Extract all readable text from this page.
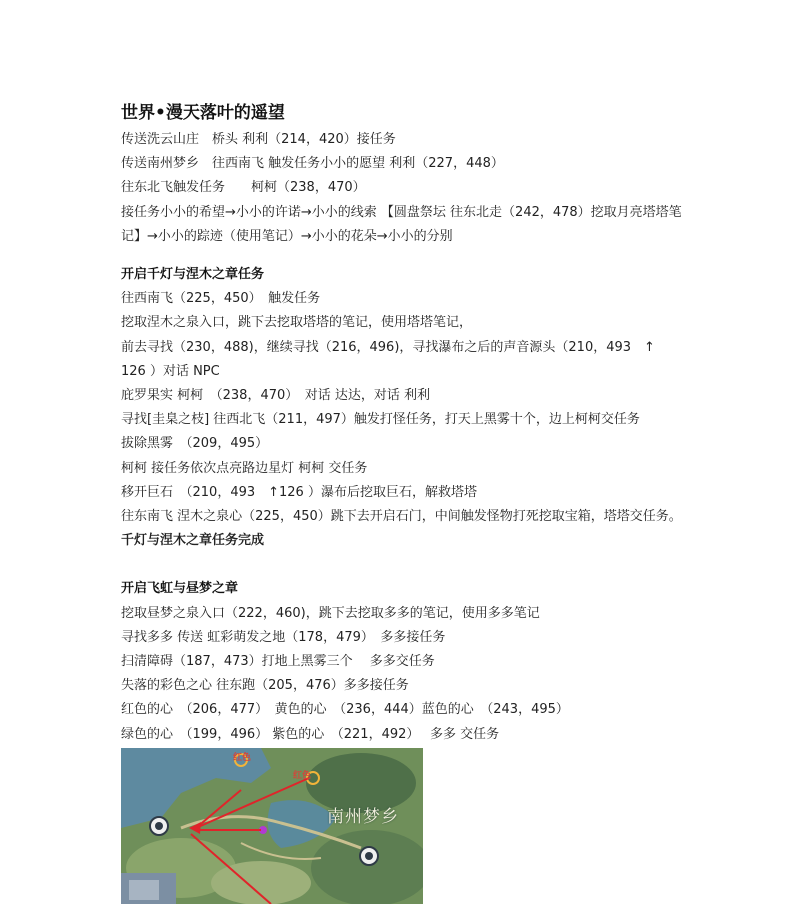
世界•漫天落叶的遥望

传送洗云山庄　桥头 利利（214，420）接任务

传送南州梦乡　往西南飞 触发任务小小的愿望 利利（227，448）

往东北飞触发任务　　柯柯（238，470）

接任务小小的希望→小小的许诺→小小的线索 【圆盘祭坛 往东北走（242，478）挖取月亮塔塔笔记】→小小的踪迹（使用笔记）→小小的花朵→小小的分别

开启千灯与涅木之章任务

往西南飞（225，450）　触发任务

挖取涅木之泉入口，跳下去挖取塔塔的笔记，使用塔塔笔记，

前去寻找（230，488)，继续寻找（216，496)，寻找瀑布之后的声音源头（210，493　↑

126 ）对话 NPC

庇罗果实 柯柯　（238，470）　对话 达达，对话 利利

寻找[圭臬之枝] 往西北飞（211，497）触发打怪任务，打天上黑雾十个，边上柯柯交任务

拔除黑雾　（209，495）

柯柯 接任务依次点亮路边星灯 柯柯 交任务

移开巨石　（210，493　↑126 ）瀑布后挖取巨石，解救塔塔

往东南飞 涅木之泉心（225，450）跳下去开启石门，中间触发怪物打死挖取宝箱，塔塔交任务。千灯与涅木之章任务完成

开启飞虹与昼梦之章

挖取昼梦之泉入口（222，460)，跳下去挖取多多的笔记，使用多多笔记

寻找多多 传送 虹彩萌发之地（178，479）　多多接任务

扫清障碍（187，473）打地上黑雾三个　 多多交任务

失落的彩色之心 往东跑（205，476）多多接任务

红色的心　（206，477）　黄色的心　（236，444）蓝色的心　（243，495）

绿色的心　（199，496） 紫色的心　（221，492）　 多多 交任务

南州梦乡
红色
红色
